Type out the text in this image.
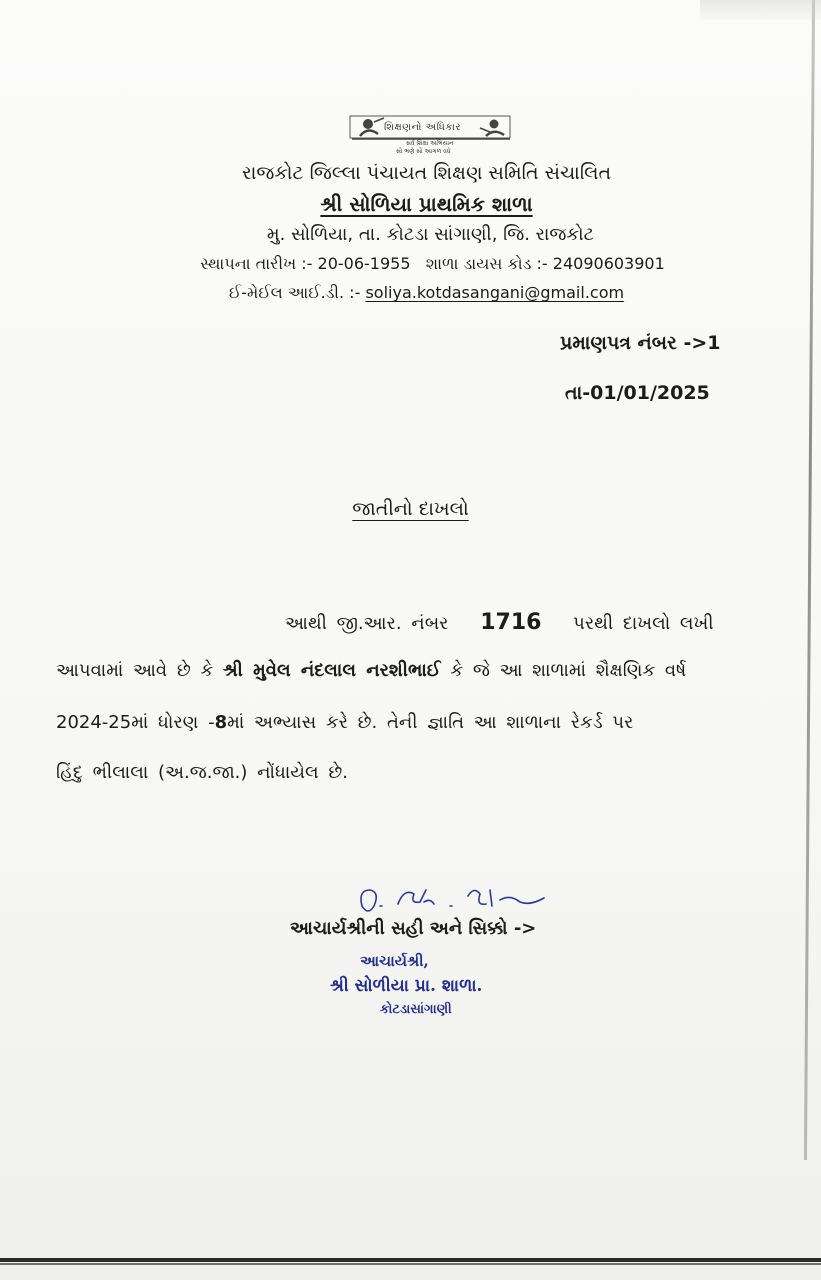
શિક્ષણનો અધિકાર
સર્વ શિક્ષા અભિયાન
સૌ ભણે સૌ આગળ વધે
રાજકોટ જિલ્લા પંચાયત શિક્ષણ સમિતિ સંચાલિત
શ્રી સોળિયા પ્રાથમિક શાળા
મુ. સોળિયા, તા. કોટડા સાંગાણી, જિ. રાજકોટ
સ્થાપના તારીખ :- 20-06-1955 શાળા ડાયસ કોડ :- 24090603901
ઈ-મેઈલ આઈ.ડી. :- soliya.kotdasangani@gmail.com
પ્રમાણપત્ર નંબર ->1
તા-01/01/2025
જાતીનો દાખલો
આથી જી.આર. નંબર 1716 પરથી દાખલો લખી
આપવામાં આવે છે કે શ્રી મુવેલ નંદલાલ નરશીભાઈ કે જે આ શાળામાં શૈક્ષણિક વર્ષ
2024-25માં ધોરણ -8માં અભ્યાસ કરે છે. તેની જ્ઞાતિ આ શાળાના રેકર્ડ પર
હિંદુ ભીલાલા (અ.જ.જા.) નોંધાયેલ છે.
આચાર્યશ્રીની સહી અને સિક્કો ->
આચાર્યશ્રી,
શ્રી સોળીયા પ્રા. શાળા.
કોટડાસાંગાણી
